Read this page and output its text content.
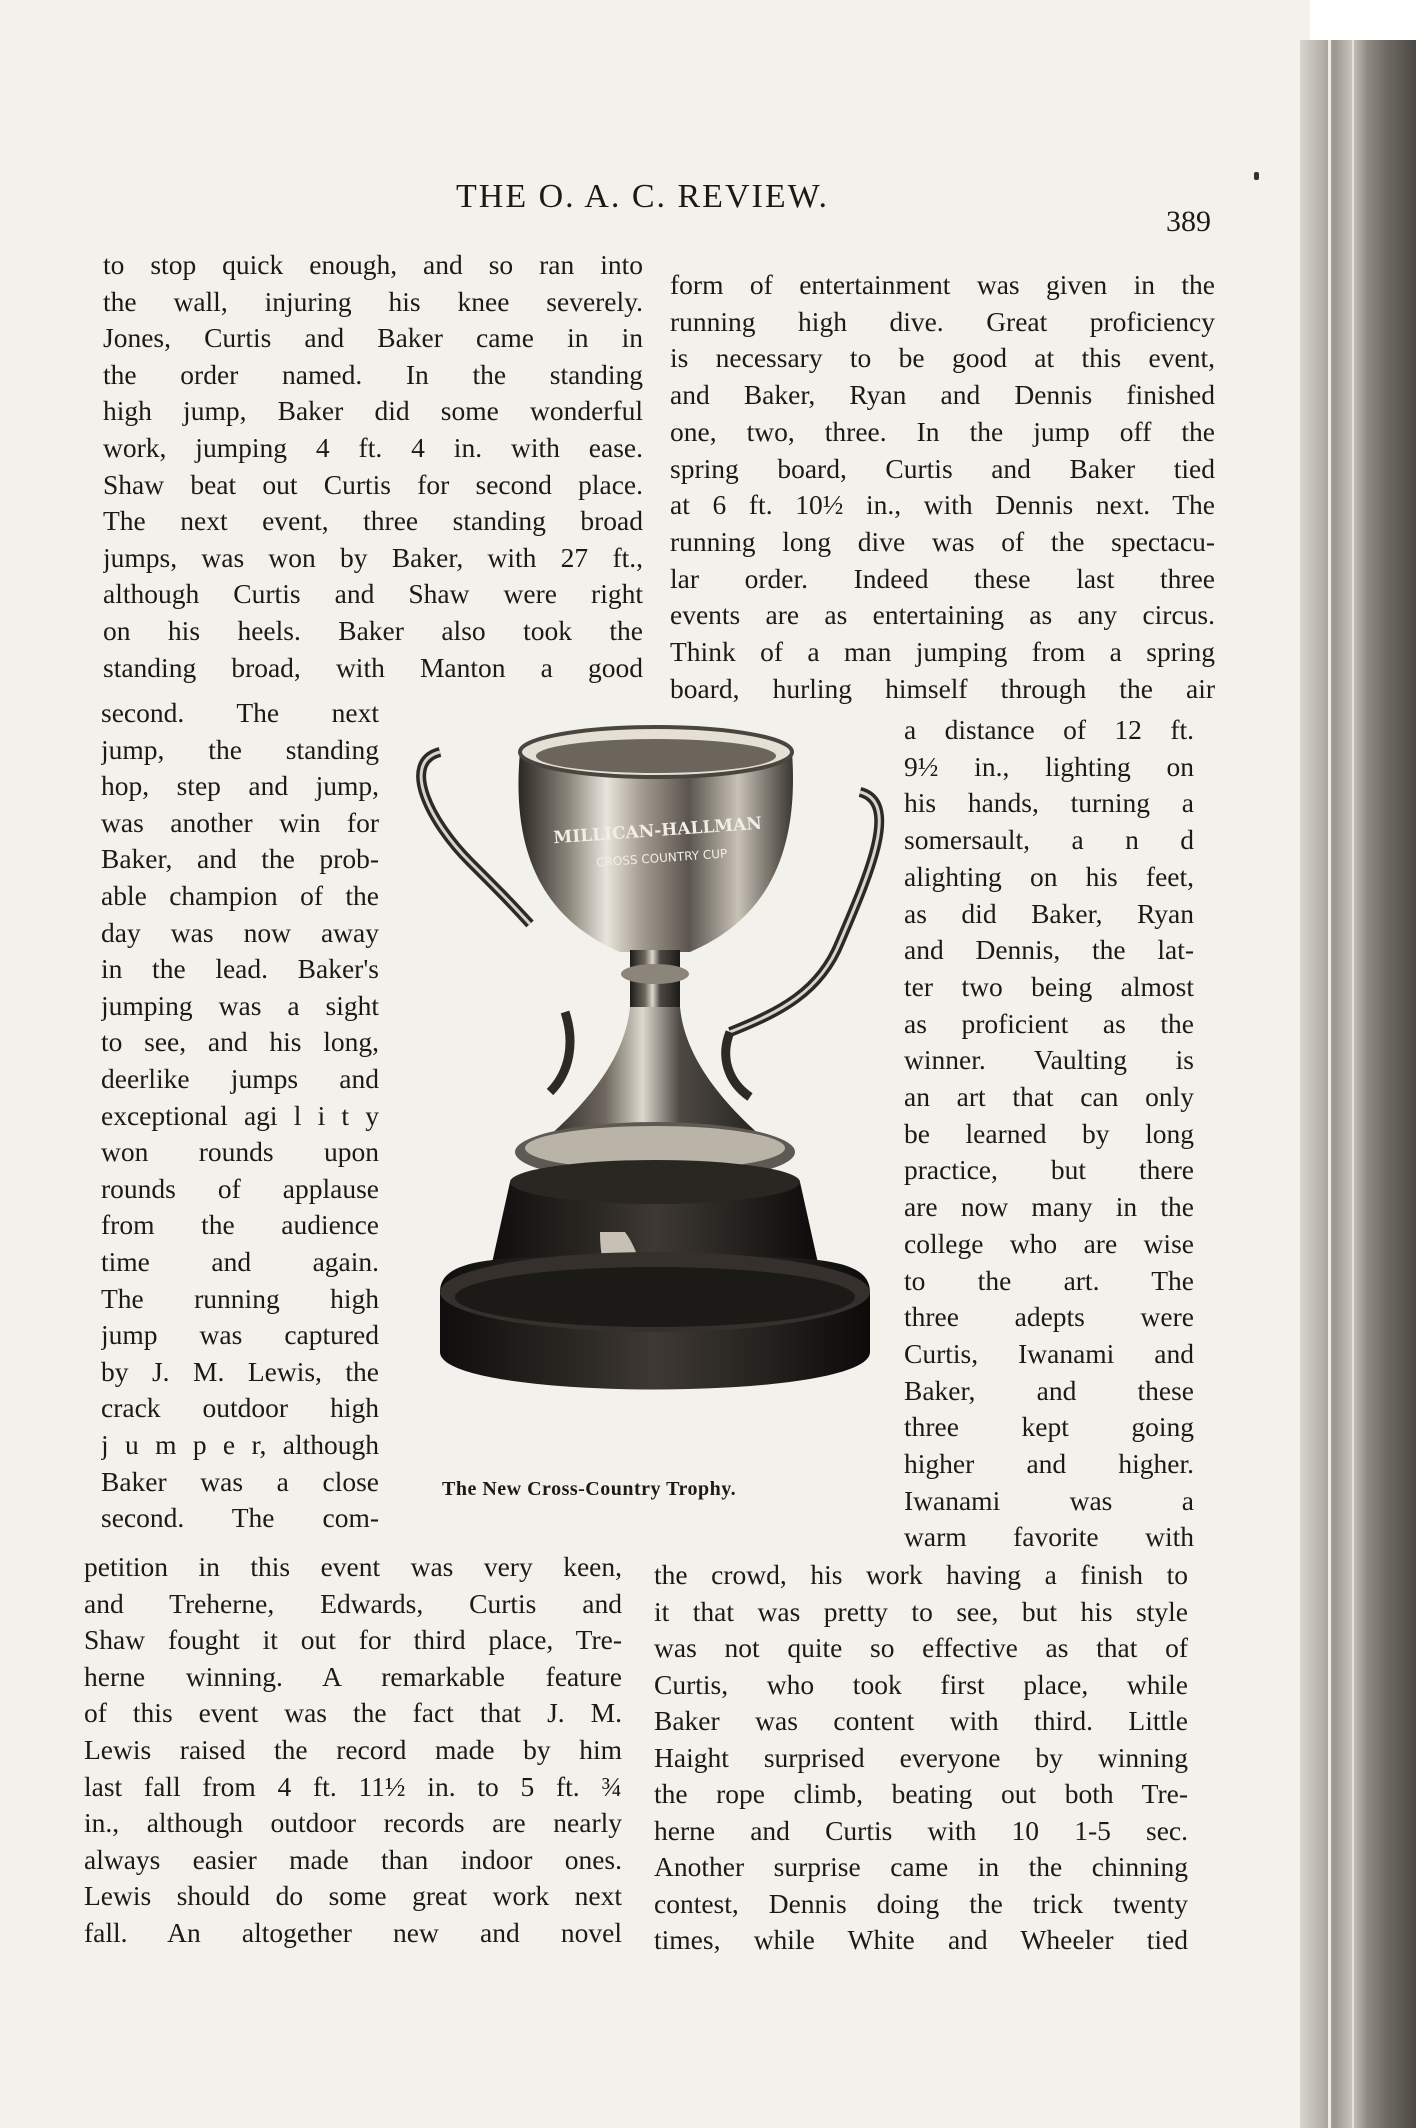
THE O. A. C. REVIEW.
389
to stop quick enough, and so ran into
the wall, injuring his knee severely.
Jones, Curtis and Baker came in in
the order named. In the standing
high jump, Baker did some wonderful
work, jumping 4 ft. 4 in. with ease.
Shaw beat out Curtis for second place.
The next event, three standing broad
jumps, was won by Baker, with 27 ft.,
although Curtis and Shaw were right
on his heels. Baker also took the
standing broad, with Manton a good
second. The next
jump, the standing
hop, step and jump,
was another win for
Baker, and the prob-
able champion of the
day was now away
in the lead. Baker's
jumping was a sight
to see, and his long,
deerlike jumps and
exceptional agi l i t y
won rounds upon
rounds of applause
from the audience
time and again.
The running high
jump was captured
by J. M. Lewis, the
crack outdoor high
j u m p e r, although
Baker was a close
second. The com-
petition in this event was very keen,
and Treherne, Edwards, Curtis and
Shaw fought it out for third place, Tre-
herne winning. A remarkable feature
of this event was the fact that J. M.
Lewis raised the record made by him
last fall from 4 ft. 11½ in. to 5 ft. ¾
in., although outdoor records are nearly
always easier made than indoor ones.
Lewis should do some great work next
fall. An altogether new and novel
form of entertainment was given in the
running high dive. Great proficiency
is necessary to be good at this event,
and Baker, Ryan and Dennis finished
one, two, three. In the jump off the
spring board, Curtis and Baker tied
at 6 ft. 10½ in., with Dennis next. The
running long dive was of the spectacu-
lar order. Indeed these last three
events are as entertaining as any circus.
Think of a man jumping from a spring
board, hurling himself through the air
a distance of 12 ft.
9½ in., lighting on
his hands, turning a
somersault, a n d
alighting on his feet,
as did Baker, Ryan
and Dennis, the lat-
ter two being almost
as proficient as the
winner. Vaulting is
an art that can only
be learned by long
practice, but there
are now many in the
college who are wise
to the art. The
three adepts were
Curtis, Iwanami and
Baker, and these
three kept going
higher and higher.
Iwanami was a
warm favorite with
the crowd, his work having a finish to
it that was pretty to see, but his style
was not quite so effective as that of
Curtis, who took first place, while
Baker was content with third. Little
Haight surprised everyone by winning
the rope climb, beating out both Tre-
herne and Curtis with 10 1-5 sec.
Another surprise came in the chinning
contest, Dennis doing the trick twenty
times, while White and Wheeler tied
MILLICAN-HALLMAN
CROSS COUNTRY CUP
The New Cross-Country Trophy.
